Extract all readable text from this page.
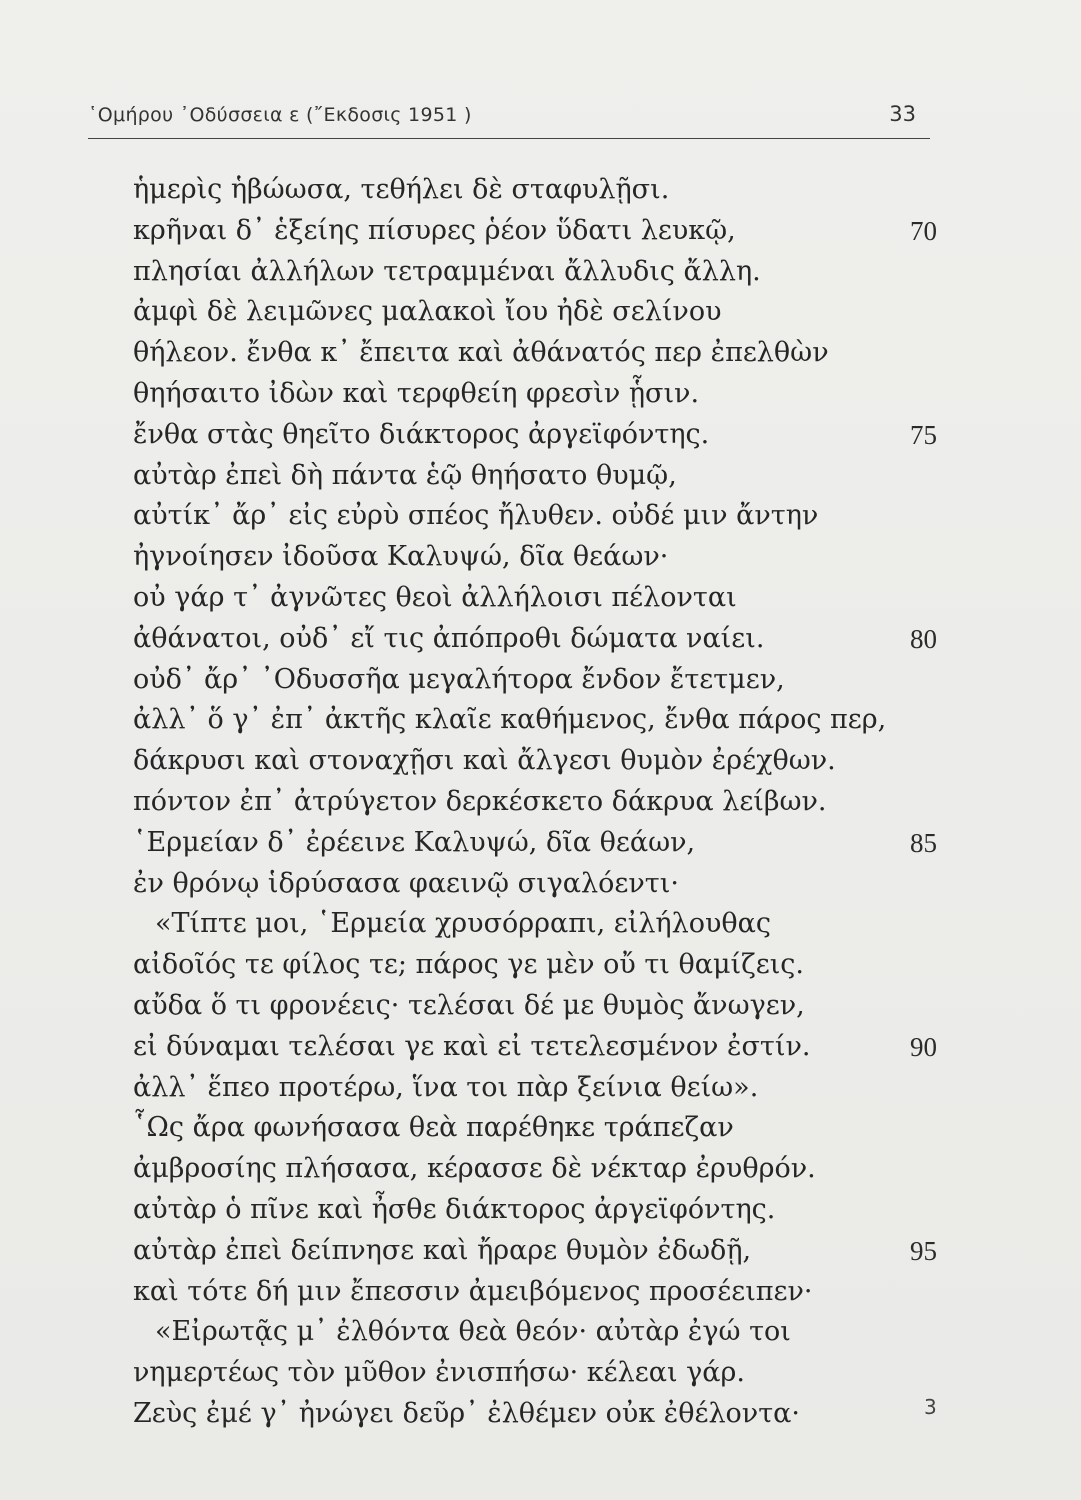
῾Ομήρου ᾿Οδύσσεια ε (῎Εκδοσις 1951 )	33
ἡμερὶς ἡβώωσα, τεθήλει δὲ σταφυλῇσι.
κρῆναι δ᾿ ἑξείης πίσυρες ῥέον ὕδατι λευκῷ,	70
πλησίαι ἀλλήλων τετραμμέναι ἄλλυδις ἄλλη.
ἀμφὶ δὲ λειμῶνες μαλακοὶ ἴου ἠδὲ σελίνου
θήλεον. ἔνθα κ᾿ ἔπειτα καὶ ἀθάνατός περ ἐπελθὼν
θηήσαιτο ἰδὼν καὶ τερφθείη φρεσὶν ᾗσιν.
ἔνθα στὰς θηεῖτο διάκτορος ἀργεϊφόντης.	75
αὐτὰρ ἐπεὶ δὴ πάντα ἑῷ θηήσατο θυμῷ,
αὐτίκ᾿ ἄρ᾿ εἰς εὐρὺ σπέος ἤλυθεν. οὐδέ μιν ἄντην
ἠγνοίησεν ἰδοῦσα Καλυψώ, δῖα θεάων·
οὐ γάρ τ᾿ ἀγνῶτες θεοὶ ἀλλήλοισι πέλονται
ἀθάνατοι, οὐδ᾿ εἴ τις ἀπόπροθι δώματα ναίει.	80
οὐδ᾿ ἄρ᾿ ᾿Οδυσσῆα μεγαλήτορα ἔνδον ἔτετμεν,
ἀλλ᾿ ὅ γ᾿ ἐπ᾿ ἀκτῆς κλαῖε καθήμενος, ἔνθα πάρος περ,
δάκρυσι καὶ στοναχῇσι καὶ ἄλγεσι θυμὸν ἐρέχθων.
πόντον ἐπ᾿ ἀτρύγετον δερκέσκετο δάκρυα λείβων.
῾Ερμείαν δ᾿ ἐρέεινε Καλυψώ, δῖα θεάων,	85
ἐν θρόνῳ ἱδρύσασα φαεινῷ σιγαλόεντι·
«Τίπτε μοι, ῾Ερμεία χρυσόρραπι, εἰλήλουθας
αἰδοῖός τε φίλος τε; πάρος γε μὲν οὔ τι θαμίζεις.
αὔδα ὅ τι φρονέεις· τελέσαι δέ με θυμὸς ἄνωγεν,
εἰ δύναμαι τελέσαι γε καὶ εἰ τετελεσμένον ἐστίν.	90
ἀλλ᾿ ἕπεο προτέρω, ἵνα τοι πὰρ ξείνια θείω».
῟Ως ἄρα φωνήσασα θεὰ παρέθηκε τράπεζαν
ἀμβροσίης πλήσασα, κέρασσε δὲ νέκταρ ἐρυθρόν.
αὐτὰρ ὁ πῖνε καὶ ἦσθε διάκτορος ἀργεϊφόντης.
αὐτὰρ ἐπεὶ δείπνησε καὶ ἤραρε θυμὸν ἐδωδῇ,	95
καὶ τότε δή μιν ἔπεσσιν ἀμειβόμενος προσέειπεν·
«Εἰρωτᾷς μ᾿ ἐλθόντα θεὰ θεόν· αὐτὰρ ἐγώ τοι
νημερτέως τὸν μῦθον ἐνισπήσω· κέλεαι γάρ.
Ζεὺς ἐμέ γ᾿ ἠνώγει δεῦρ᾿ ἐλθέμεν οὐκ ἐθέλοντα·	3
